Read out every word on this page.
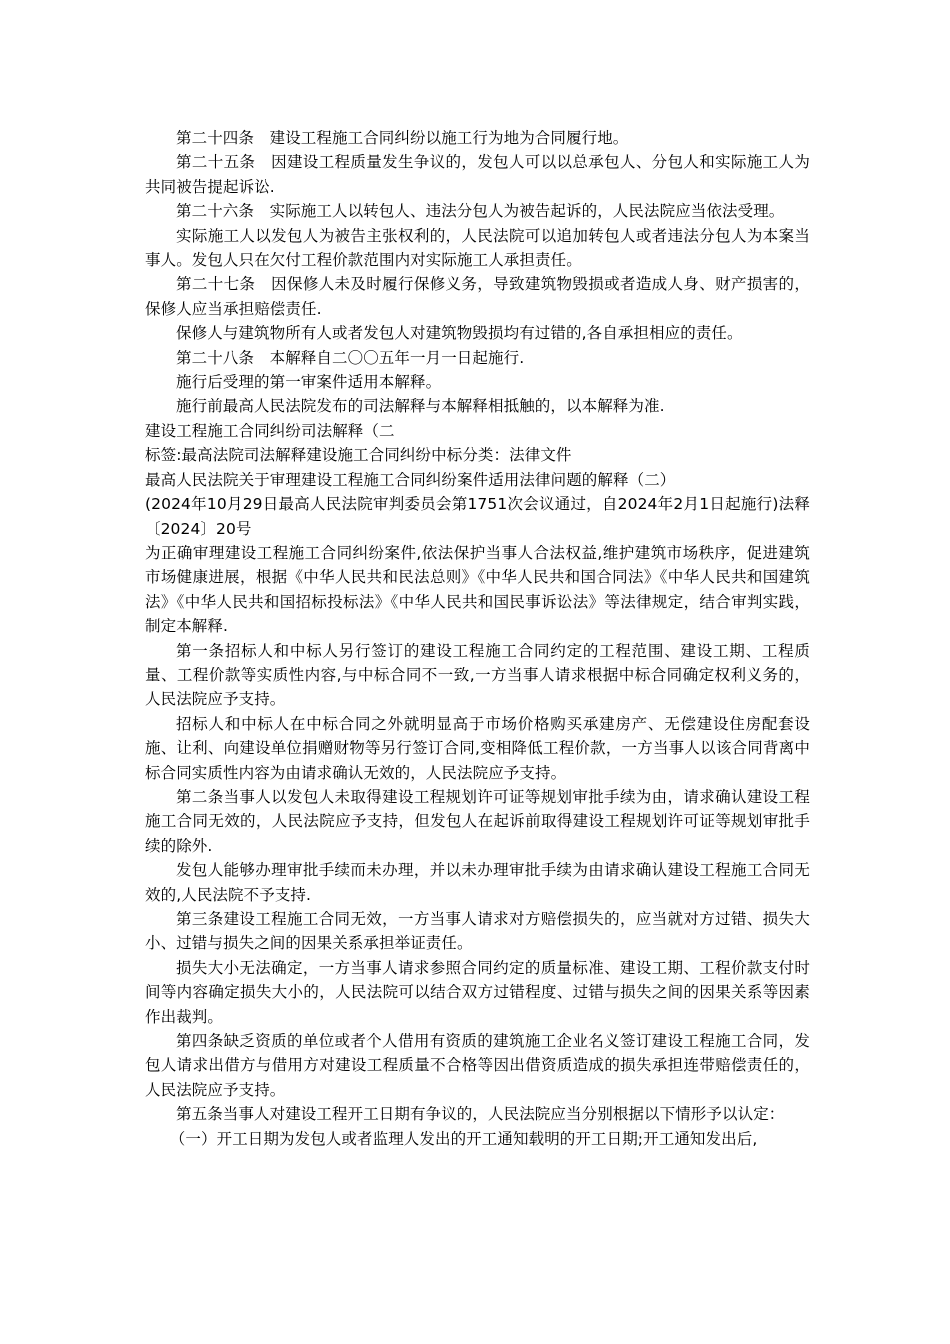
第二十四条　建设工程施工合同纠纷以施工行为地为合同履行地。

第二十五条　因建设工程质量发生争议的，发包人可以以总承包人、分包人和实际施工人为共同被告提起诉讼.

第二十六条　实际施工人以转包人、违法分包人为被告起诉的，人民法院应当依法受理。

实际施工人以发包人为被告主张权利的，人民法院可以追加转包人或者违法分包人为本案当事人。发包人只在欠付工程价款范围内对实际施工人承担责任。

第二十七条　因保修人未及时履行保修义务，导致建筑物毁损或者造成人身、财产损害的，保修人应当承担赔偿责任.

保修人与建筑物所有人或者发包人对建筑物毁损均有过错的,各自承担相应的责任。

第二十八条　本解释自二〇〇五年一月一日起施行.

施行后受理的第一审案件适用本解释。

施行前最高人民法院发布的司法解释与本解释相抵触的，以本解释为准.

建设工程施工合同纠纷司法解释（二

标签:最高法院司法解释建设施工合同纠纷中标分类：法律文件

最高人民法院关于审理建设工程施工合同纠纷案件适用法律问题的解释（二）

(2024年10月29日最高人民法院审判委员会第1751次会议通过，自2024年2月1日起施行)法释〔2024〕20号

为正确审理建设工程施工合同纠纷案件,依法保护当事人合法权益,维护建筑市场秩序，促进建筑市场健康进展，根据《中华人民共和民法总则》《中华人民共和国合同法》《中华人民共和国建筑法》《中华人民共和国招标投标法》《中华人民共和国民事诉讼法》等法律规定，结合审判实践，制定本解释.

第一条招标人和中标人另行签订的建设工程施工合同约定的工程范围、建设工期、工程质量、工程价款等实质性内容,与中标合同不一致,一方当事人请求根据中标合同确定权利义务的，人民法院应予支持。

招标人和中标人在中标合同之外就明显高于市场价格购买承建房产、无偿建设住房配套设施、让利、向建设单位捐赠财物等另行签订合同,变相降低工程价款，一方当事人以该合同背离中标合同实质性内容为由请求确认无效的，人民法院应予支持。

第二条当事人以发包人未取得建设工程规划许可证等规划审批手续为由，请求确认建设工程施工合同无效的，人民法院应予支持，但发包人在起诉前取得建设工程规划许可证等规划审批手续的除外.

发包人能够办理审批手续而未办理，并以未办理审批手续为由请求确认建设工程施工合同无效的,人民法院不予支持.

第三条建设工程施工合同无效，一方当事人请求对方赔偿损失的，应当就对方过错、损失大小、过错与损失之间的因果关系承担举证责任。

损失大小无法确定，一方当事人请求参照合同约定的质量标准、建设工期、工程价款支付时间等内容确定损失大小的，人民法院可以结合双方过错程度、过错与损失之间的因果关系等因素作出裁判。

第四条缺乏资质的单位或者个人借用有资质的建筑施工企业名义签订建设工程施工合同，发包人请求出借方与借用方对建设工程质量不合格等因出借资质造成的损失承担连带赔偿责任的，人民法院应予支持。

第五条当事人对建设工程开工日期有争议的，人民法院应当分别根据以下情形予以认定：

（一）开工日期为发包人或者监理人发出的开工通知载明的开工日期;开工通知发出后,
